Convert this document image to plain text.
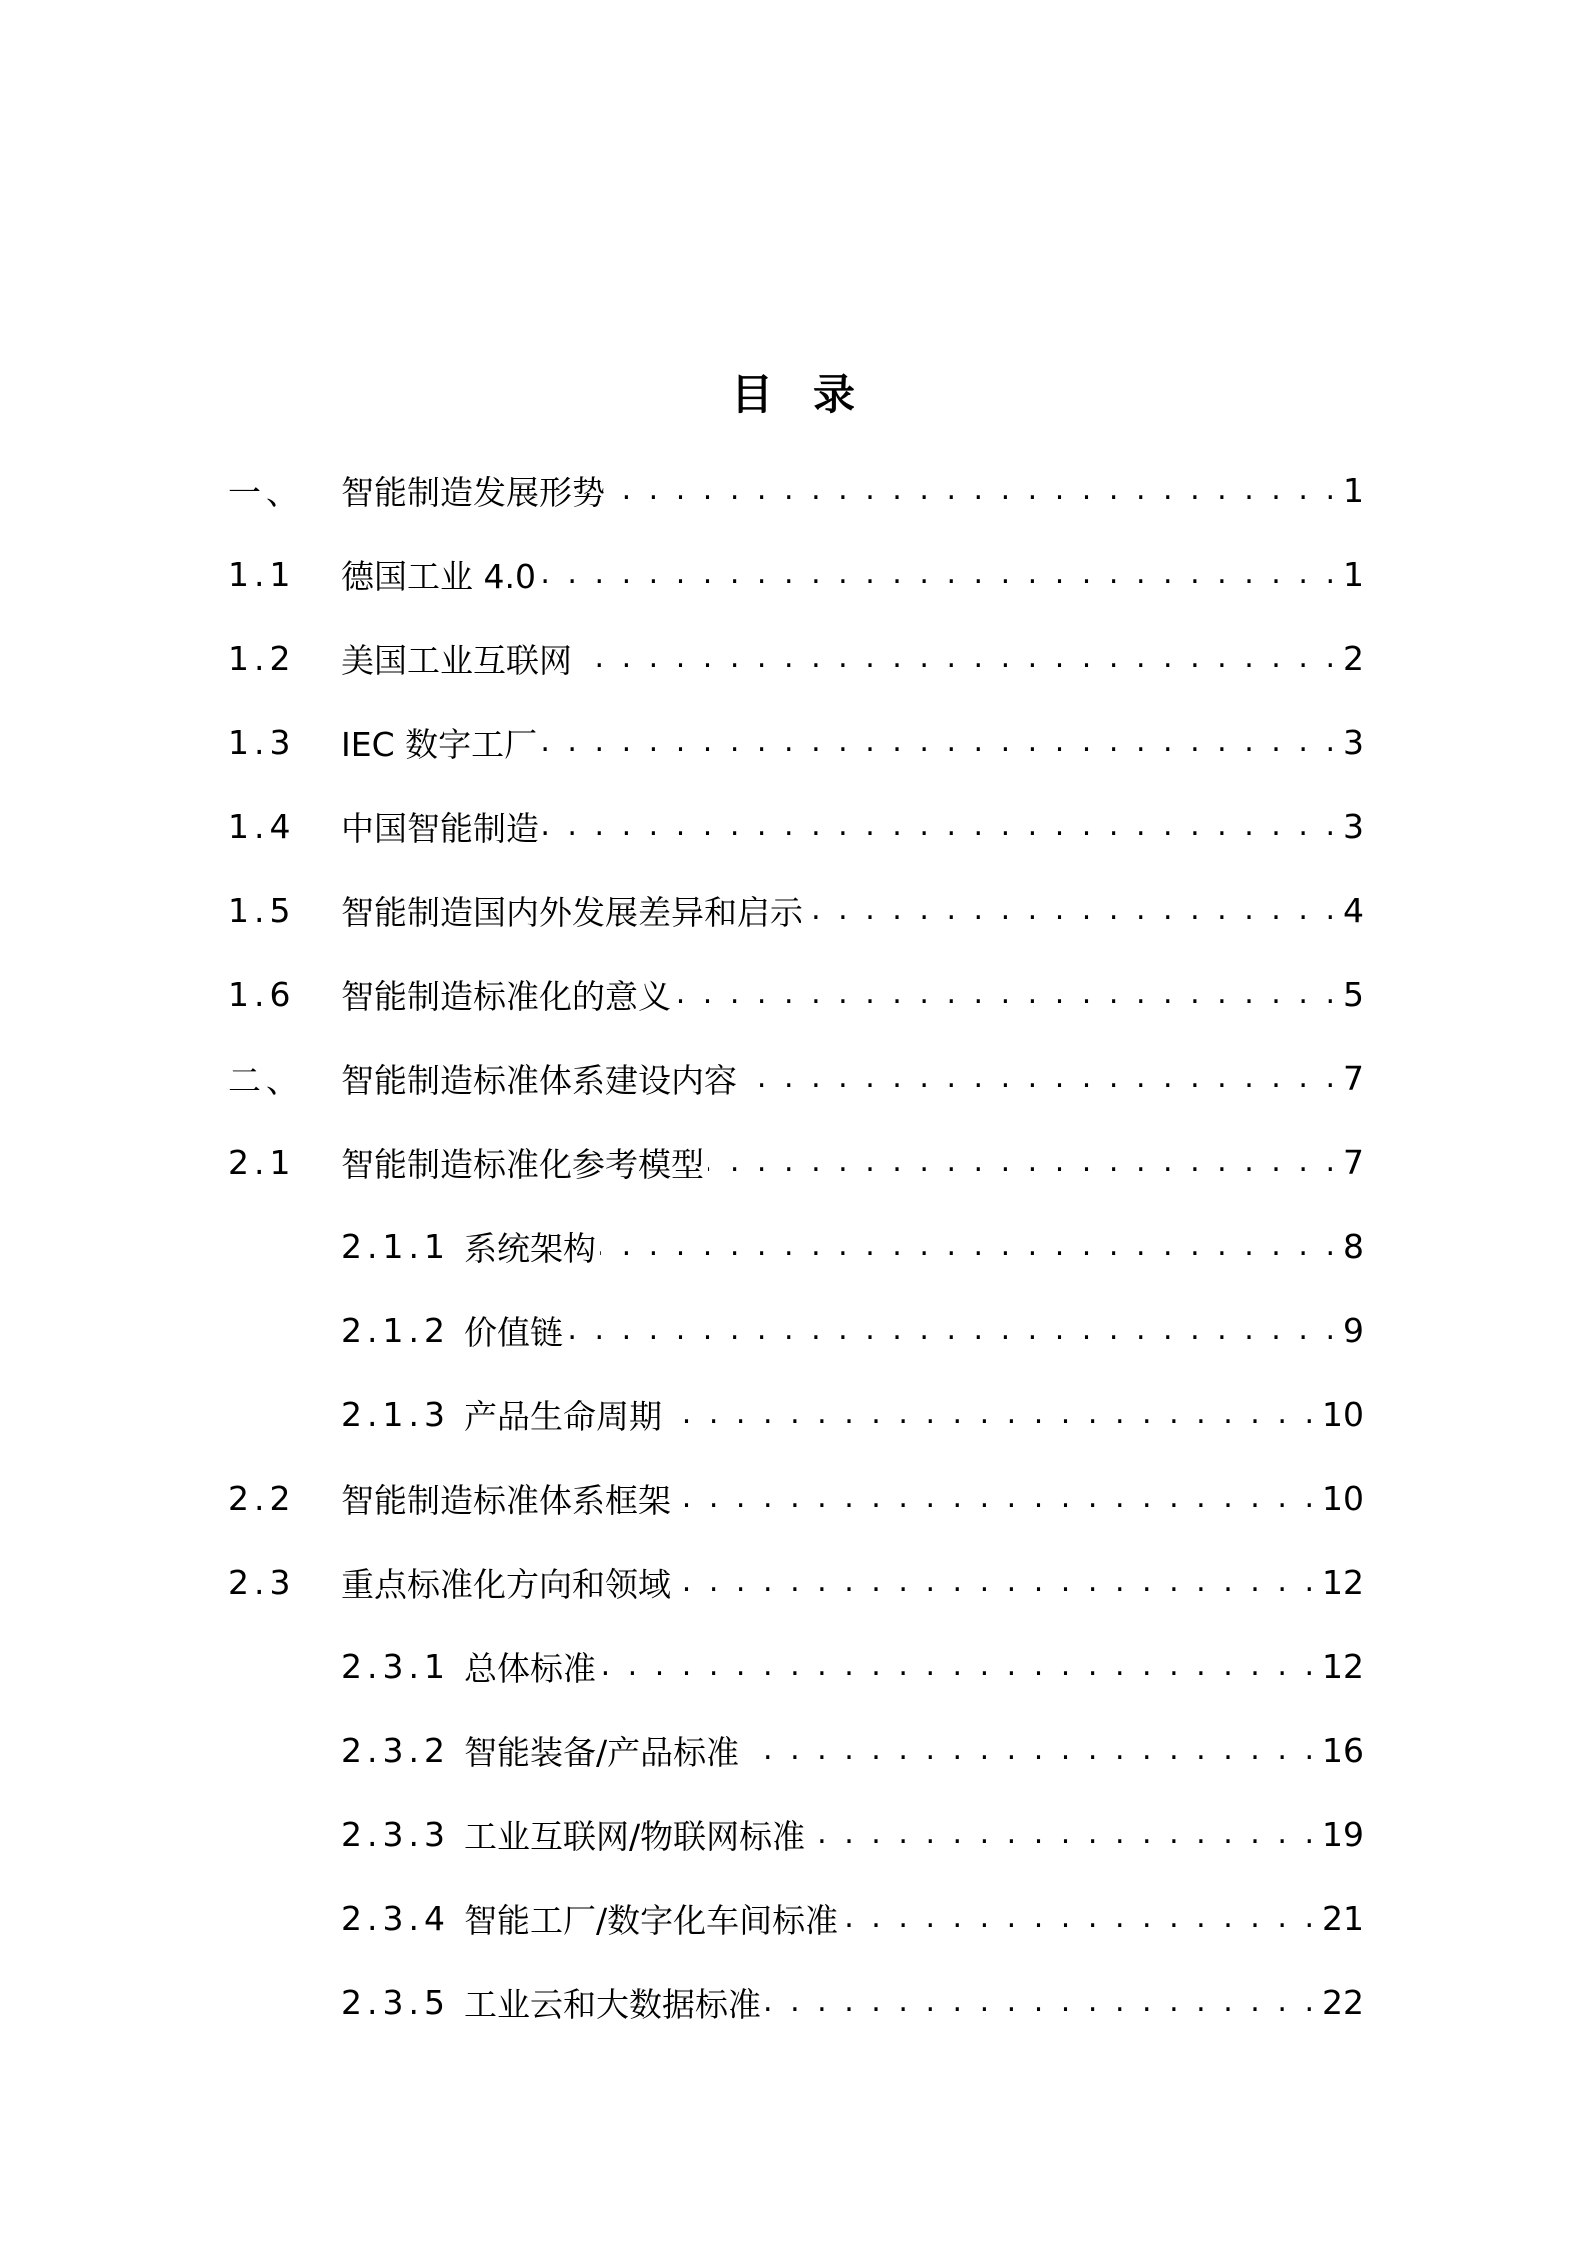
目录
一、	智能制造发展形势 . . .	1
1.1	德国工业 4.0 . . .	1
1.2	美国工业互联网 . . .	2
1.3	IEC 数字工厂 . . .	3
1.4	中国智能制造 . . .	3
1.5	智能制造国内外发展差异和启示 . . .	4
1.6	智能制造标准化的意义 . . .	5
二、	智能制造标准体系建设内容 . . .	7
2.1	智能制造标准化参考模型 . . .	7
2.1.1 系统架构 . . .	8
2.1.2 价值链 . . .	9
2.1.3 产品生命周期 . . .	10
2.2	智能制造标准体系框架 . . .	10
2.3	重点标准化方向和领域 . . .	12
2.3.1 总体标准 . . .	12
2.3.2 智能装备/产品标准 . . .	16
2.3.3 工业互联网/物联网标准 . . .	19
2.3.4 智能工厂/数字化车间标准 . . .	21
2.3.5 工业云和大数据标准 . . .	22
